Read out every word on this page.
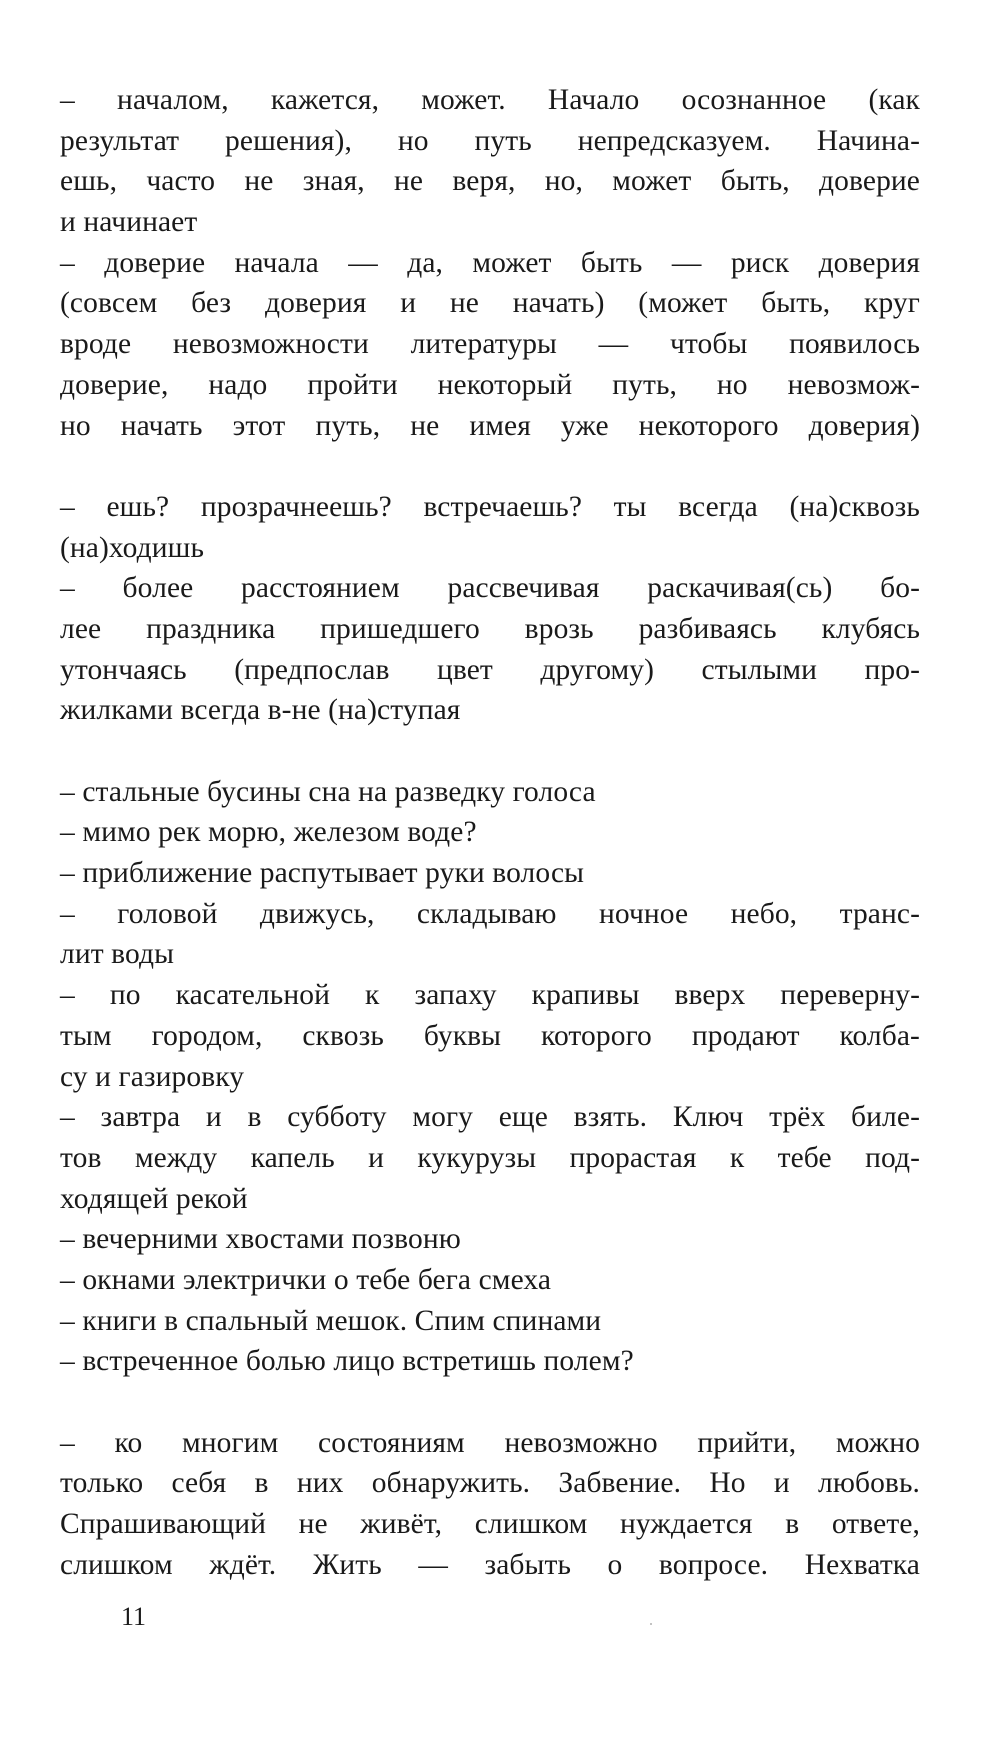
– началом, кажется, может. Начало осознанное (как
результат решения), но путь непредсказуем. Начина-
ешь, часто не зная, не веря, но, может быть, доверие
и начинает
– доверие начала — да, может быть — риск доверия
(совсем без доверия и не начать) (может быть, круг
вроде невозможности литературы — чтобы появилось
доверие, надо пройти некоторый путь, но невозмож-
но начать этот путь, не имея уже некоторого доверия)
– ешь? прозрачнеешь? встречаешь? ты всегда (на)сквозь
(на)ходишь
– более расстоянием рассвечивая раскачивая(сь) бо-
лее праздника пришедшего врозь разбиваясь клубясь
утончаясь (предпослав цвет другому) стылыми про-
жилками всегда в-не (на)ступая
– стальные бусины сна на разведку голоса
– мимо рек морю, железом воде?
– приближение распутывает руки волосы
– головой движусь, складываю ночное небо, транс-
лит воды
– по касательной к запаху крапивы вверх переверну-
тым городом, сквозь буквы которого продают колба-
су и газировку
– завтра и в субботу могу еще взять. Ключ трёх биле-
тов между капель и кукурузы прорастая к тебе под-
ходящей рекой
– вечерними хвостами позвоню
– окнами электрички о тебе бега смеха
– книги в спальный мешок. Спим спинами
– встреченное болью лицо встретишь полем?
– ко многим состояниям невозможно прийти, можно
только себя в них обнаружить. Забвение. Но и любовь.
Спрашивающий не живёт, слишком нуждается в ответе,
слишком ждёт. Жить — забыть о вопросе. Нехватка
11
